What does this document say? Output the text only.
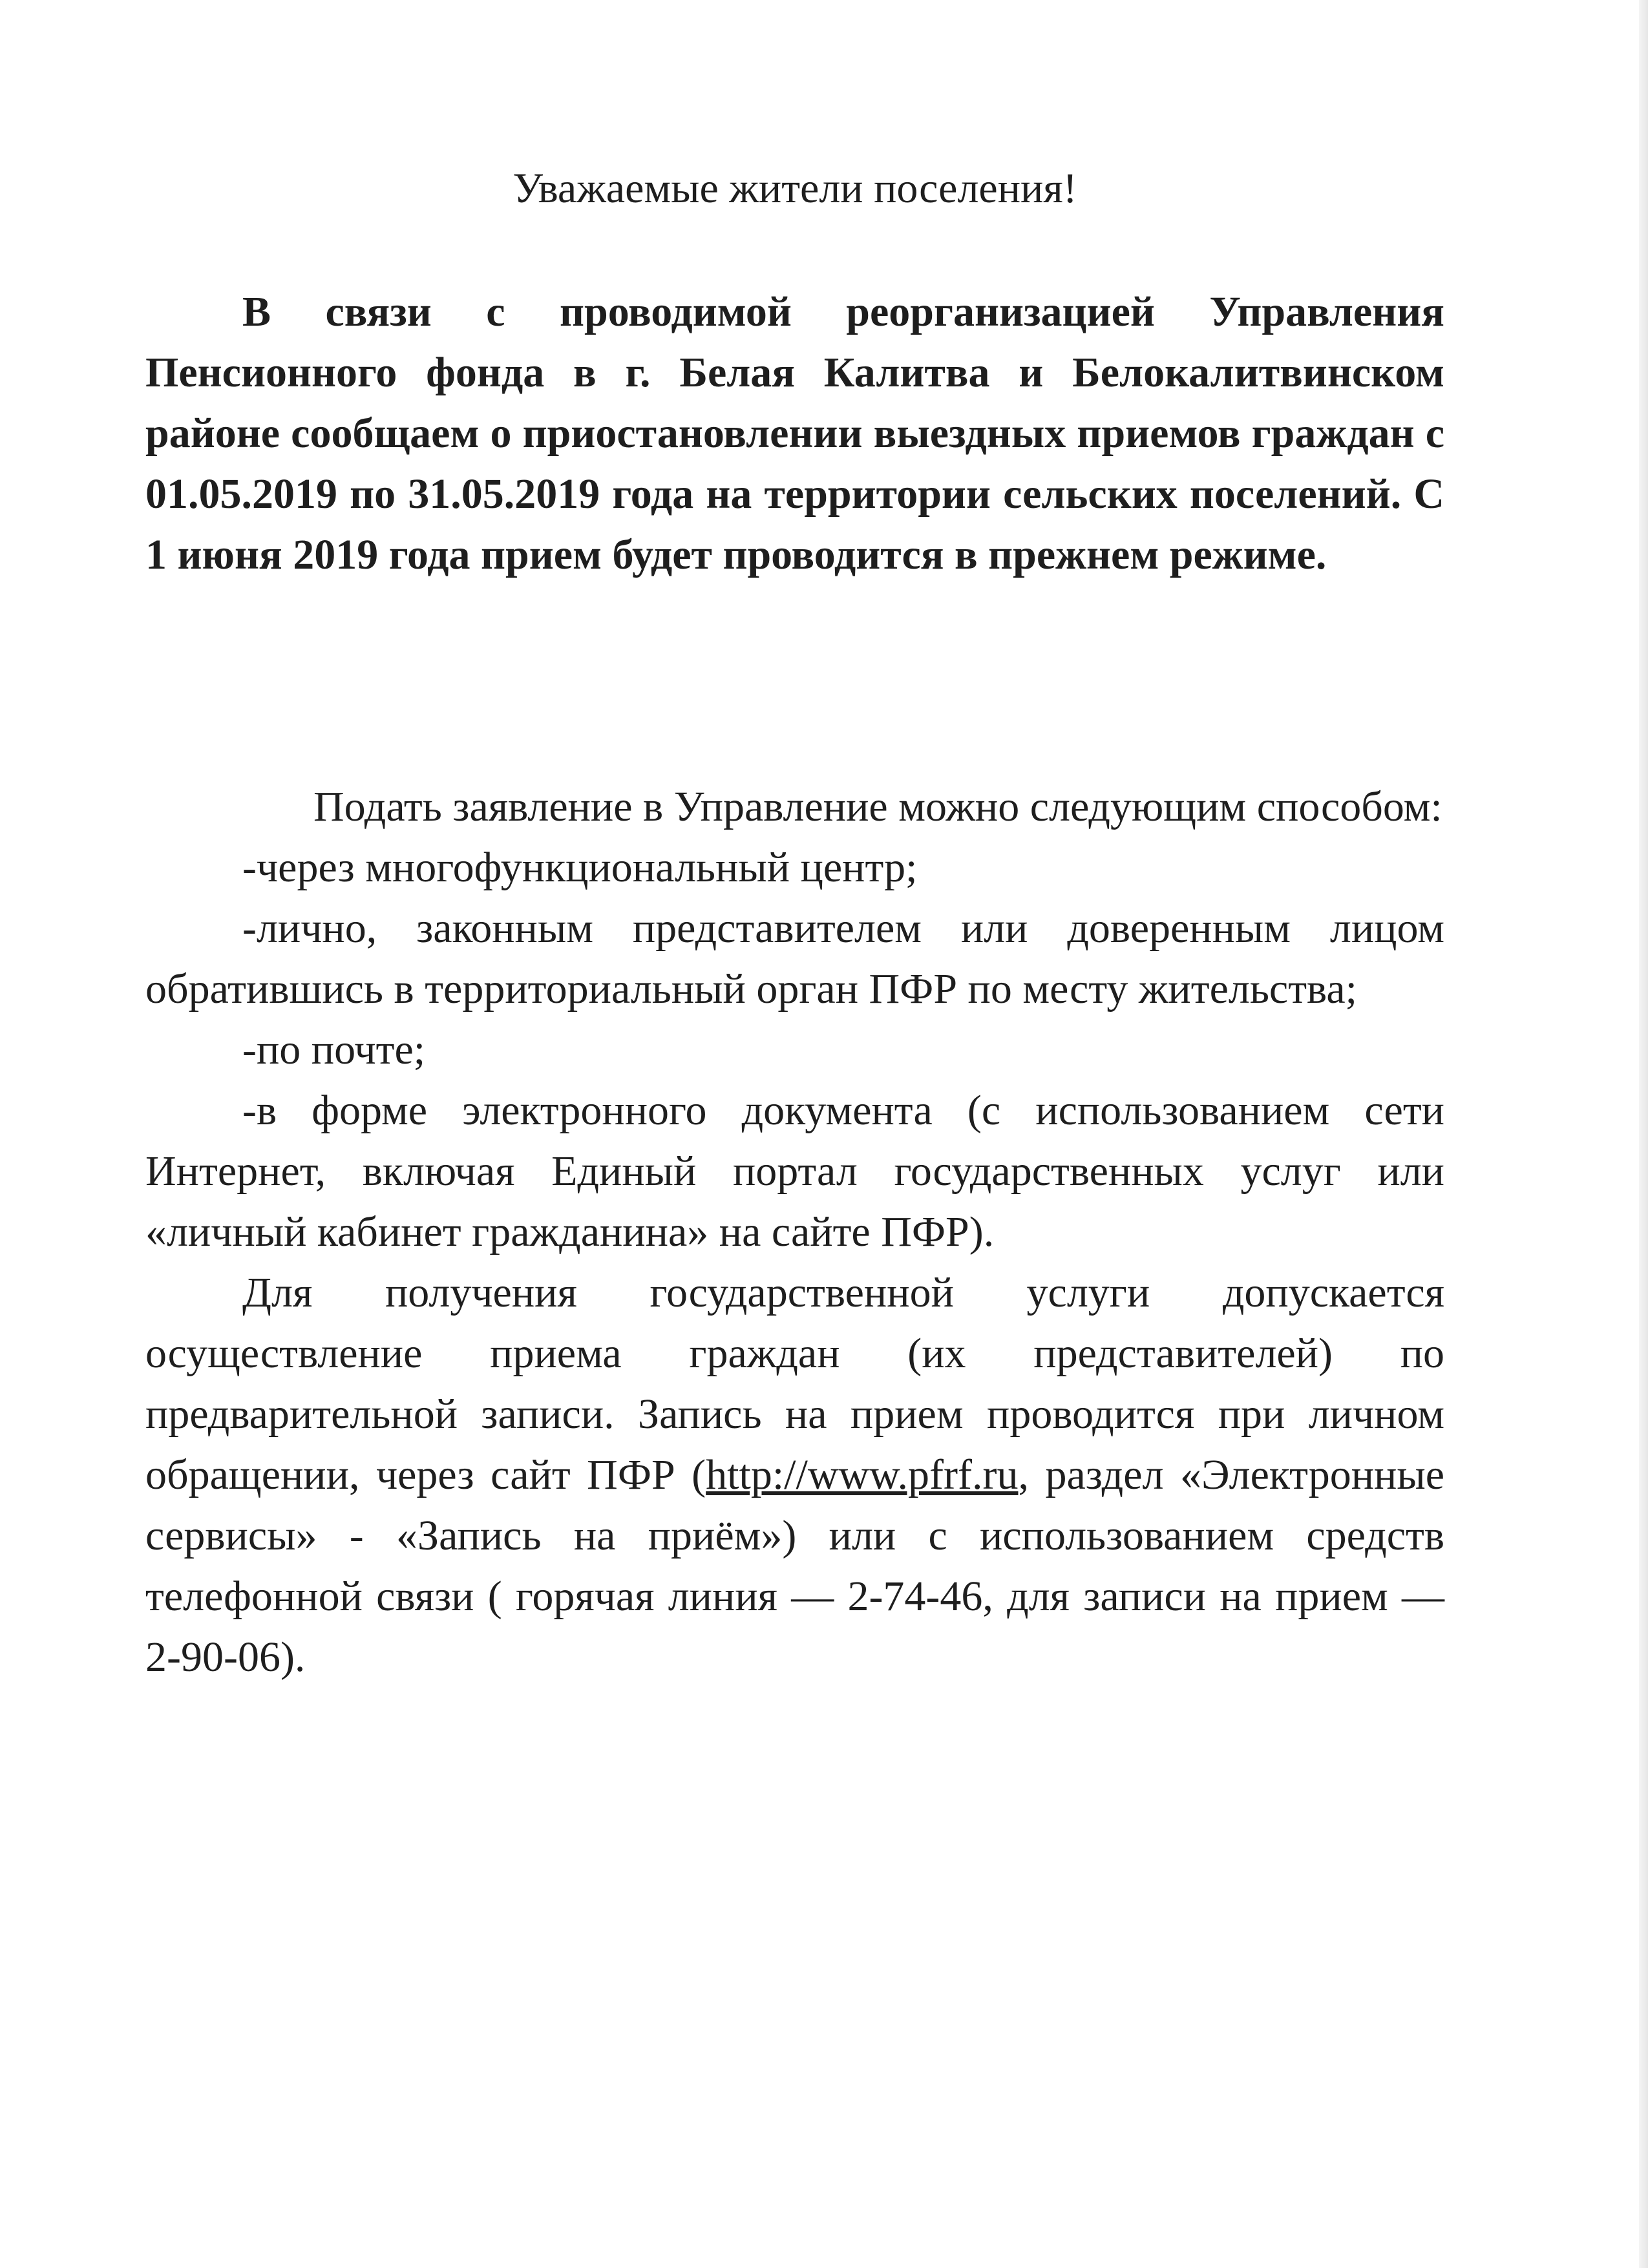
Уважаемые жители поселения!
В связи с проводимой реорганизацией Управления Пенсионного фонда в г. Белая Калитва и Белокалитвинском районе сообщаем о приостановлении выездных приемов граждан с 01.05.2019 по 31.05.2019 года на территории сельских поселений. С 1 июня 2019 года прием будет проводится в прежнем режиме.

Подать заявление в Управление можно следующим способом:

-через многофункциональный центр;

-лично, законным представителем или доверенным лицом обратившись в территориальный орган ПФР по месту жительства;

-по почте;

-в форме электронного документа (с использованием сети Интернет, включая Единый портал государственных услуг или «личный кабинет гражданина» на сайте ПФР).

Для получения государственной услуги допускается осуществление приема граждан (их представителей) по предварительной записи. Запись на прием проводится при личном обращении, через сайт ПФР (http://www.pfrf.ru, раздел «Электронные сервисы» - «Запись на приём») или с использованием средств телефонной связи ( горячая линия — 2-74-46, для записи на прием — 2-90-06).
